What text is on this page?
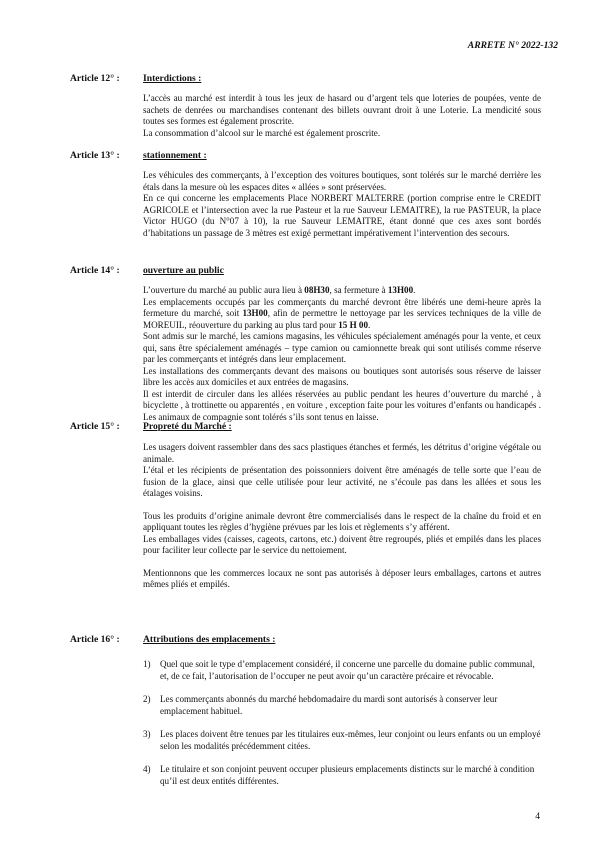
ARRETE N° 2022-132
Article 12° : Interdictions :

L’accès au marché est interdit à tous les jeux de hasard ou d’argent tels que loteries de poupées, vente de sachets de denrées ou marchandises contenant des billets ouvrant droit à une Loterie. La mendicité sous toutes ses formes est également proscrite.

La consommation d’alcool sur le marché est également proscrite.

Article 13° : stationnement :

Les véhicules des commerçants, à l’exception des voitures boutiques, sont tolérés sur le marché derrière les étals dans la mesure où les espaces dites « allées » sont préservées.

En ce qui concerne les emplacements Place NORBERT MALTERRE (portion comprise entre le CREDIT AGRICOLE et l’intersection avec la rue Pasteur et la rue Sauveur LEMAITRE), la rue PASTEUR, la place Victor HUGO (du N°07 à 10), la rue Sauveur LEMAITRE, étant donné que ces axes sont bordés d’habitations un passage de 3 mètres est exigé permettant impérativement l’intervention des secours.

Article 14° : ouverture au public

L’ouverture du marché au public aura lieu à 08H30, sa fermeture à 13H00.

Les emplacements occupés par les commerçants du marché devront être libérés une demi-heure après la fermeture du marché, soit 13H00, afin de permettre le nettoyage par les services techniques de la ville de MOREUIL, réouverture du parking au plus tard pour 15 H 00.

Sont admis sur le marché, les camions magasins, les véhicules spécialement aménagés pour la vente, et ceux qui, sans être spécialement aménagés – type camion ou camionnette break qui sont utilisés comme réserve par les commerçants et intégrés dans leur emplacement.

Les installations des commerçants devant des maisons ou boutiques sont autorisés sous réserve de laisser libre les accès aux domiciles et aux entrées de magasins.

Il est interdit de circuler dans les allées réservées au public pendant les heures d’ouverture du marché , à bicyclette , à trottinette ou apparentés , en voiture , exception faite pour les voitures d’enfants ou handicapés . Les animaux de compagnie sont tolérés s’ils sont tenus en laisse.

Article 15° : Propreté du Marché :

Les usagers doivent rassembler dans des sacs plastiques étanches et fermés, les détritus d’origine végétale ou animale.

L’étal et les récipients de présentation des poissonniers doivent être aménagés de telle sorte que l’eau de fusion de la glace, ainsi que celle utilisée pour leur activité, ne s’écoule pas dans les allées et sous les étalages voisins.

Tous les produits d’origine animale devront être commercialisés dans le respect de la chaîne du froid et en appliquant toutes les règles d’hygiène prévues par les lois et règlements s’y afférent.

Les emballages vides (caisses, cageots, cartons, etc.) doivent être regroupés, pliés et empilés dans les places pour faciliter leur collecte par le service du nettoiement.

Mentionnons que les commerces locaux ne sont pas autorisés à déposer leurs emballages, cartons et autres mêmes pliés et empilés.

Article 16° : Attributions des emplacements :
1) Quel que soit le type d’emplacement considéré, il concerne une parcelle du domaine public communal, et, de ce fait, l’autorisation de l’occuper ne peut avoir qu’un caractère précaire et révocable.
2) Les commerçants abonnés du marché hebdomadaire du mardi sont autorisés à conserver leur emplacement habituel.
3) Les places doivent être tenues par les titulaires eux-mêmes, leur conjoint ou leurs enfants ou un employé selon les modalités précédemment citées.
4) Le titulaire et son conjoint peuvent occuper plusieurs emplacements distincts sur le marché à condition qu’il est deux entités différentes.
4
